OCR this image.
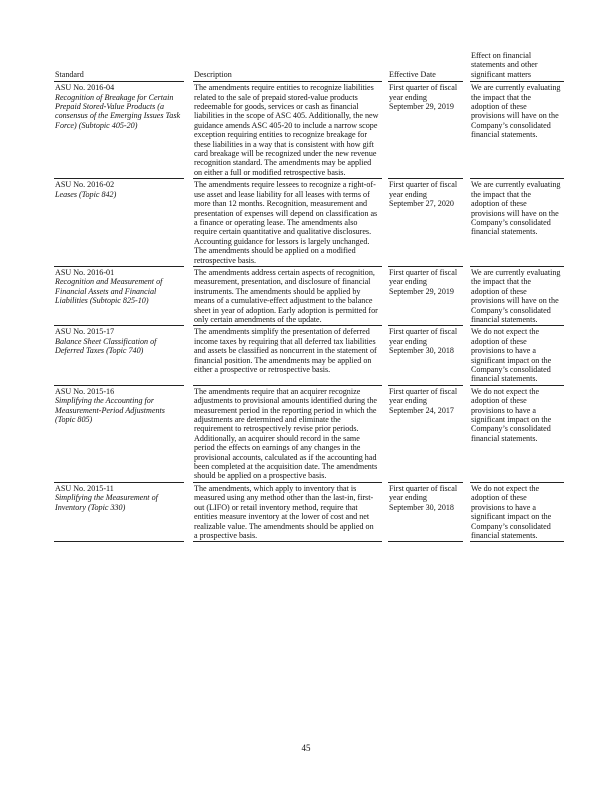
Standard		Description		Effective Date		Effect on financial statements and other significant matters
ASU No. 2016-04
Recognition of Breakage for Certain Prepaid Stored-Value Products (a consensus of the Emerging Issues Task Force) (Subtopic 405-20)		The amendments require entities to recognize liabilities related to the sale of prepaid stored-value products redeemable for goods, services or cash as financial liabilities in the scope of ASC 405. Additionally, the new guidance amends ASC 405-20 to include a narrow scope exception requiring entities to recognize breakage for these liabilities in a way that is consistent with how gift card breakage will be recognized under the new revenue recognition standard. The amendments may be applied on either a full or modified retrospective basis.		First quarter of fiscal year ending September 29, 2019		We are currently evaluating the impact that the adoption of these provisions will have on the Company’s consolidated financial statements.
ASU No. 2016-02
Leases (Topic 842)		The amendments require lessees to recognize a right-of-use asset and lease liability for all leases with terms of more than 12 months. Recognition, measurement and presentation of expenses will depend on classification as a finance or operating lease. The amendments also require certain quantitative and qualitative disclosures. Accounting guidance for lessors is largely unchanged. The amendments should be applied on a modified retrospective basis.		First quarter of fiscal year ending September 27, 2020		We are currently evaluating the impact that the adoption of these provisions will have on the Company’s consolidated financial statements.
ASU No. 2016-01
Recognition and Measurement of Financial Assets and Financial Liabilities (Subtopic 825-10)		The amendments address certain aspects of recognition, measurement, presentation, and disclosure of financial instruments. The amendments should be applied by means of a cumulative-effect adjustment to the balance sheet in year of adoption. Early adoption is permitted for only certain amendments of the update.		First quarter of fiscal year ending September 29, 2019		We are currently evaluating the impact that the adoption of these provisions will have on the Company’s consolidated financial statements.
ASU No. 2015-17
Balance Sheet Classification of Deferred Taxes (Topic 740)		The amendments simplify the presentation of deferred income taxes by requiring that all deferred tax liabilities and assets be classified as noncurrent in the statement of financial position. The amendments may be applied on either a prospective or retrospective basis.		First quarter of fiscal year ending September 30, 2018		We do not expect the adoption of these provisions to have a significant impact on the Company’s consolidated financial statements.
ASU No. 2015-16
Simplifying the Accounting for Measurement-Period Adjustments (Topic 805)		The amendments require that an acquirer recognize adjustments to provisional amounts identified during the measurement period in the reporting period in which the adjustments are determined and eliminate the requirement to retrospectively revise prior periods. Additionally, an acquirer should record in the same period the effects on earnings of any changes in the provisional accounts, calculated as if the accounting had been completed at the acquisition date. The amendments should be applied on a prospective basis.		First quarter of fiscal year ending September 24, 2017		We do not expect the adoption of these provisions to have a significant impact on the Company’s consolidated financial statements.
ASU No. 2015-11
Simplifying the Measurement of Inventory (Topic 330)		The amendments, which apply to inventory that is measured using any method other than the last-in, first-out (LIFO) or retail inventory method, require that entities measure inventory at the lower of cost and net realizable value. The amendments should be applied on a prospective basis.		First quarter of fiscal year ending September 30, 2018		We do not expect the adoption of these provisions to have a significant impact on the Company’s consolidated financial statements.
45
